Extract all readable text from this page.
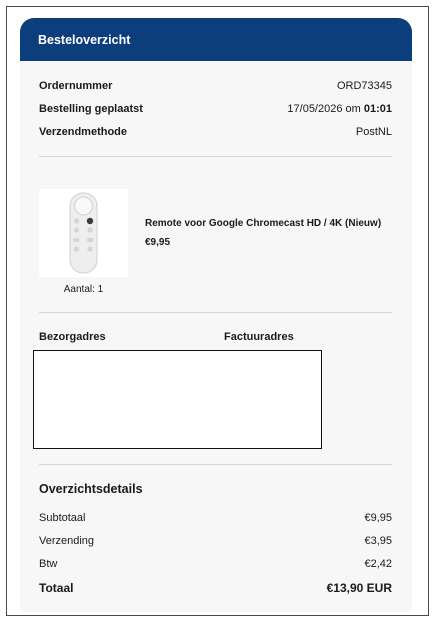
Besteloverzicht
Ordernummer	ORD73345
Bestelling geplaatst	17/05/2026 om 01:01
Verzendmethode	PostNL
Aantal: 1
Remote voor Google Chromecast HD / 4K (Nieuw)
€9,95
Bezorgadres	Factuuradres
Overzichtsdetails
Subtotaal	€9,95
Verzending	€3,95
Btw	€2,42
Totaal	€13,90 EUR
